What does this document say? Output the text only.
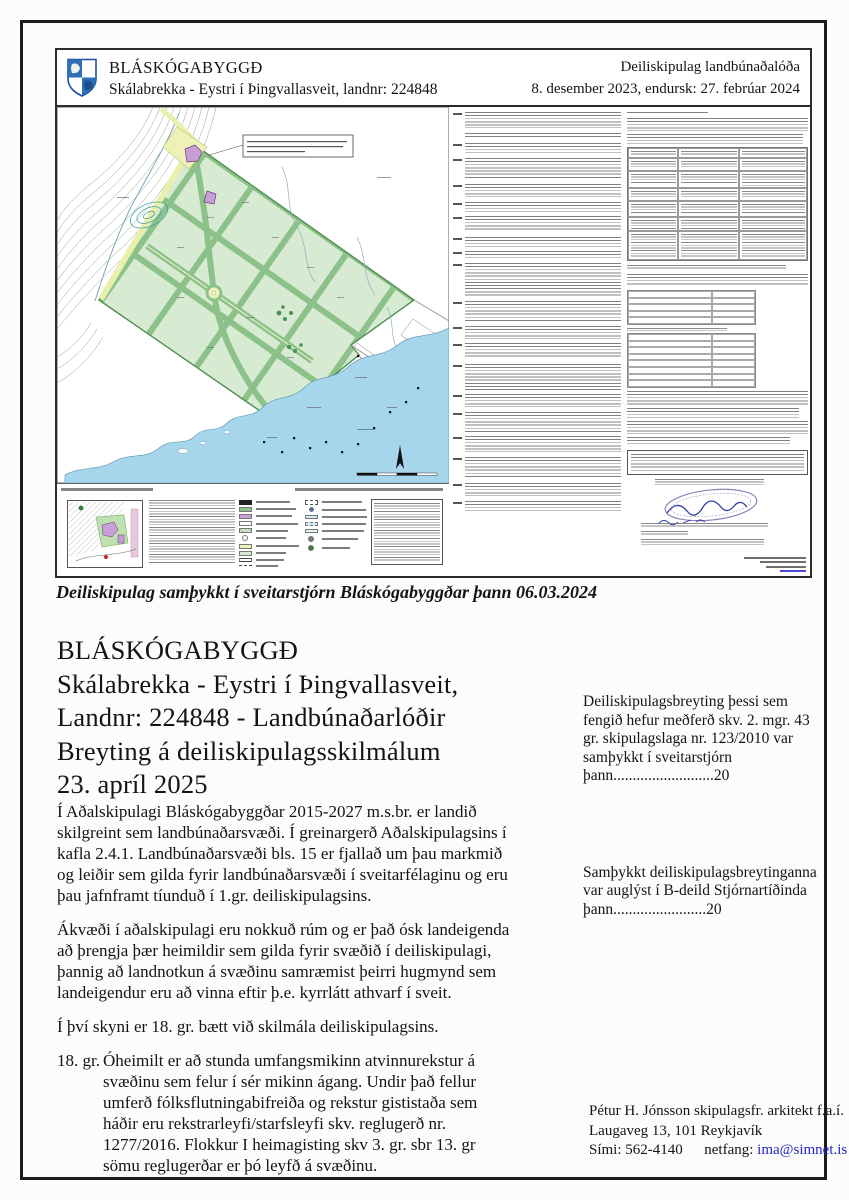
BLÁSKÓGABYGGÐ
Skálabrekka - Eystri í Þingvallasveit, landnr: 224848
Deiliskipulag landbúnaðalóða
8. desember 2023, endursk: 27. febrúar 2024
Deiliskipulag samþykkt í sveitarstjórn Bláskógabyggðar þann 06.03.2024
BLÁSKÓGABYGGÐ
Skálabrekka - Eystri í Þingvallasveit,
Landnr: 224848 - Landbúnaðarlóðir
Breyting á deiliskipulagsskilmálum
23. apríl 2025

Í Aðalskipulagi Bláskógabyggðar 2015-2027 m.s.br. er landið skilgreint sem landbúnaðarsvæði. Í greinargerð Aðalskipulagsins í kafla 2.4.1. Landbúnaðarsvæði bls. 15 er fjallað um þau markmið og leiðir sem gilda fyrir landbúnaðarsvæði í sveitarfélaginu og eru þau jafnframt tíunduð í 1.gr. deiliskipulagsins.

Ákvæði í aðalskipulagi eru nokkuð rúm og er það ósk landeigenda að þrengja þær heimildir sem gilda fyrir svæðið í deiliskipulagi, þannig að landnotkun á svæðinu samræmist þeirri hugmynd sem landeigendur eru að vinna eftir þ.e. kyrrlátt athvarf í sveit.

Í því skyni er 18. gr. bætt við skilmála deiliskipulagsins.

18. gr. Óheimilt er að stunda umfangsmikinn atvinnurekstur á svæðinu sem felur í sér mikinn ágang. Undir það fellur umferð fólksflutningabifreiða og rekstur gististaða sem háðir eru rekstrarleyfi/starfsleyfi skv. reglugerð nr. 1277/2016. Flokkur I heimagisting skv 3. gr. sbr 13. gr sömu reglugerðar er þó leyfð á svæðinu.
Deiliskipulagsbreyting þessi sem fengið hefur meðferð skv. 2. mgr. 43 gr. skipulagslaga nr. 123/2010 var samþykkt í sveitarstjórn
þann..........................20
Samþykkt deiliskipulagsbreytinganna var auglýst í B-deild Stjórnartíðinda
þann........................20
Pétur H. Jónsson skipulagsfr. arkitekt f.a.í.
Laugaveg 13, 101 Reykjavík
Sími: 562-4140 netfang: ima@simnet.is
